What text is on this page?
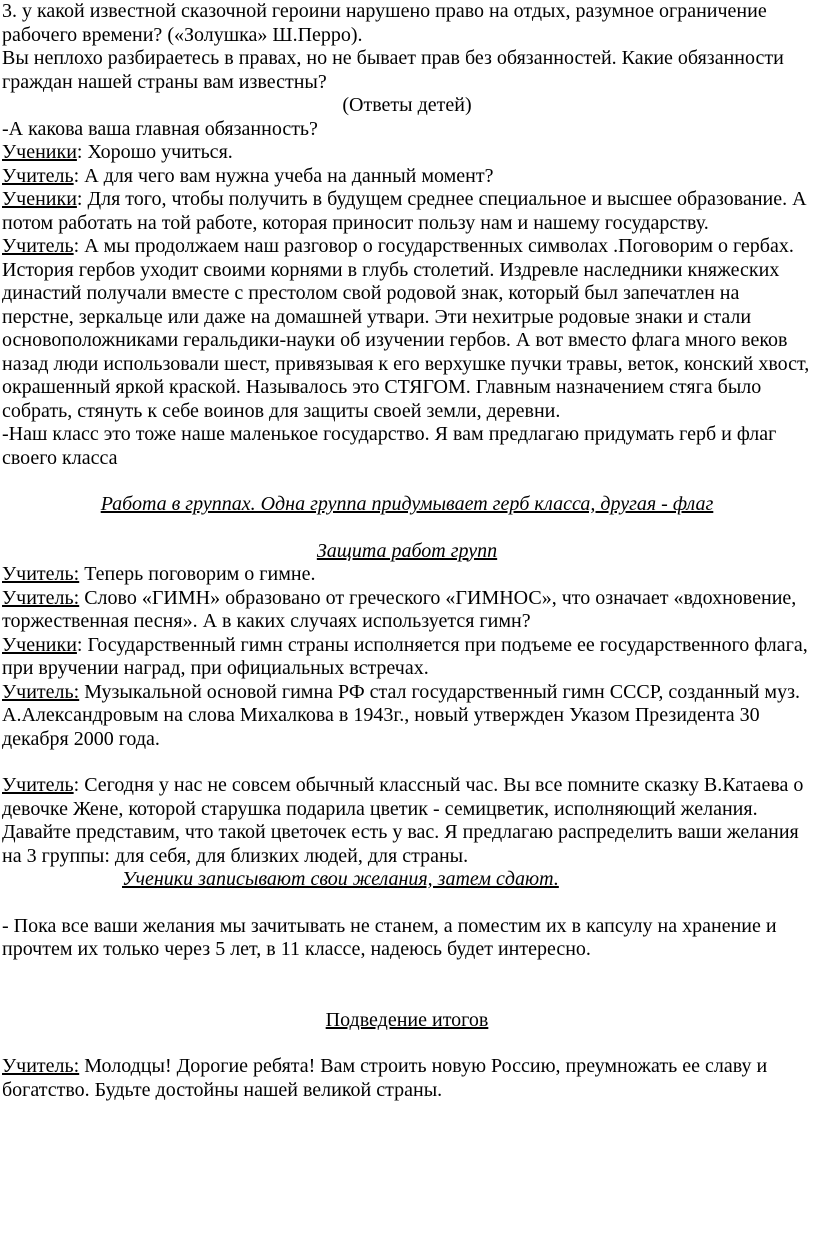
3. у какой известной сказочной героини нарушено право на отдых, разумное ограничение рабочего времени? («Золушка» Ш.Перро).

Вы неплохо разбираетесь в правах, но не бывает прав без обязанностей. Какие обязанности граждан нашей страны вам известны?

(Ответы детей)

-А какова ваша главная обязанность?

Ученики: Хорошо учиться.

Учитель: А для чего вам нужна учеба на данный момент?

Ученики: Для того, чтобы получить в будущем среднее специальное и высшее образование. А потом работать на той работе, которая приносит пользу нам и нашему государству.

Учитель: А мы продолжаем наш разговор о государственных символах .Поговорим о гербах. История гербов уходит своими корнями в глубь столетий. Издревле наследники княжеских династий получали вместе с престолом свой родовой знак, который был запечатлен на перстне, зеркальце или даже на домашней утвари. Эти нехитрые родовые знаки и стали основоположниками геральдики-науки об изучении гербов. А вот вместо флага много веков назад люди использовали шест, привязывая к его верхушке пучки травы, веток, конский хвост, окрашенный яркой краской. Называлось это СТЯГОМ. Главным назначением стяга было собрать, стянуть к себе воинов для защиты своей земли, деревни.

-Наш класс это тоже наше маленькое государство. Я вам предлагаю придумать герб и флаг своего класса

Работа в группах. Одна группа придумывает герб класса, другая - флаг

Защита работ групп

Учитель: Теперь поговорим о гимне.

Учитель: Слово «ГИМН» образовано от греческого «ГИМНОС», что означает «вдохновение, торжественная песня». А в каких случаях используется гимн?

Ученики: Государственный гимн страны исполняется при подъеме ее государственного флага, при вручении наград, при официальных встречах.

Учитель: Музыкальной основой гимна РФ стал государственный гимн СССР, созданный муз. А.Александровым на слова Михалкова в 1943г., новый утвержден Указом Президента 30 декабря 2000 года.

Учитель: Сегодня у нас не совсем обычный классный час. Вы все помните сказку В.Катаева о девочке Жене, которой старушка подарила цветик - семицветик, исполняющий желания. Давайте представим, что такой цветочек есть у вас. Я предлагаю распределить ваши желания на 3 группы: для себя, для близких людей, для страны.

Ученики записывают свои желания, затем сдают.

- Пока все ваши желания мы зачитывать не станем, а поместим их в капсулу на хранение и прочтем их только через 5 лет, в 11 классе, надеюсь будет интересно.

Подведение итогов

Учитель: Молодцы! Дорогие ребята! Вам строить новую Россию, преумножать ее славу и богатство. Будьте достойны нашей великой страны.
